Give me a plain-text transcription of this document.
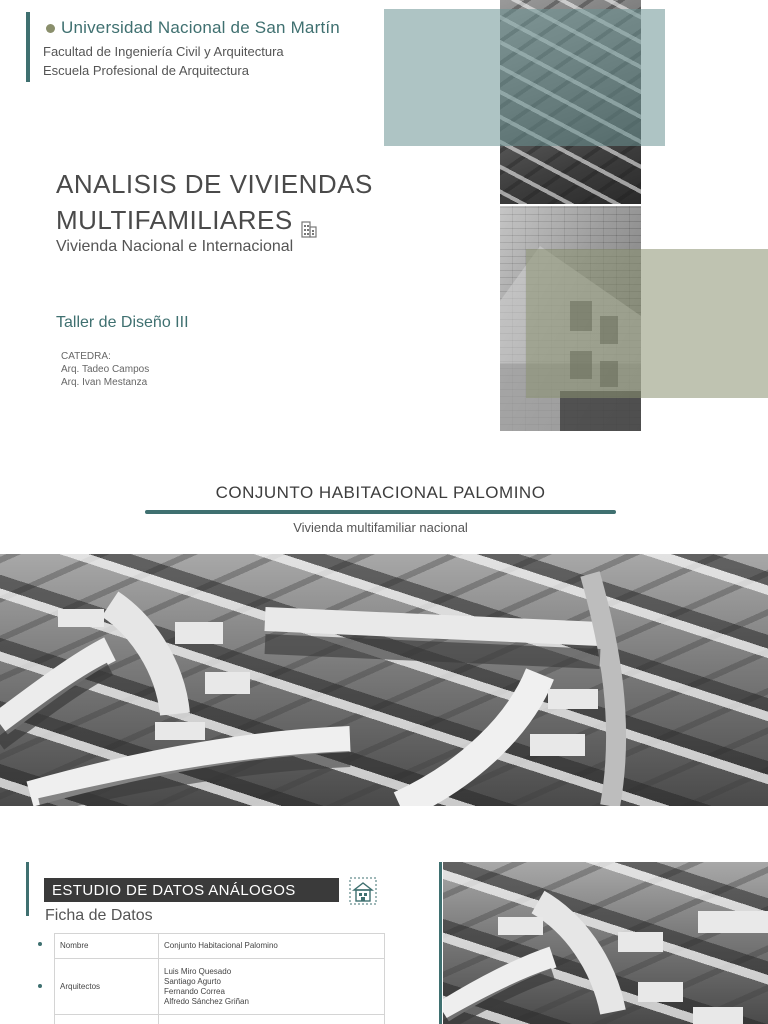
Universidad Nacional de San Martín
Facultad de Ingeniería Civil y Arquitectura
Escuela Profesional de Arquitectura
ANALISIS DE VIVIENDAS
MULTIFAMILIARES
Vivienda Nacional e Internacional
Taller de Diseño III
CATEDRA:
Arq. Tadeo Campos
Arq. Ivan Mestanza
CONJUNTO HABITACIONAL PALOMINO
Vivienda multifamiliar nacional
ESTUDIO DE DATOS ANÁLOGOS
Ficha de Datos
Nombre	Conjunto Habitacional Palomino
Arquitectos	Luis Miro Quesado
Santiago Agurto
Fernando Correa
Alfredo Sánchez Griñan
